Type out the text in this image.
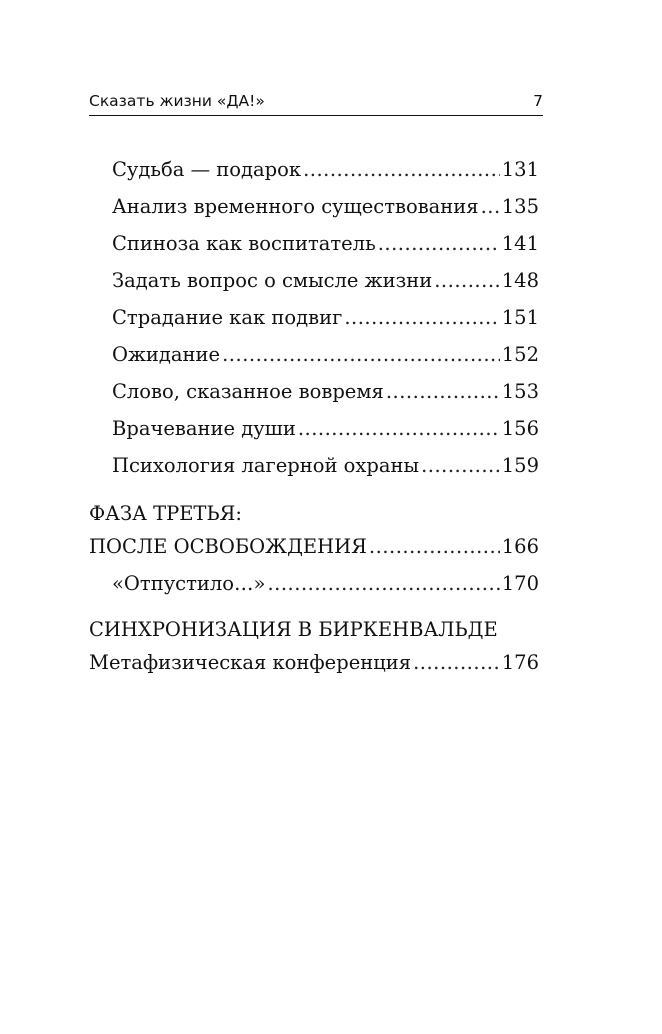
Сказать жизни «ДА!»	7
Судьба — подарок .....	131
Анализ временного существования ..... 135
Спиноза как воспитатель .....	141
Задать вопрос о смысле жизни .....	148
Страдание как подвиг .....	151
Ожидание .....	152
Слово, сказанное вовремя .....	153
Врачевание души .....	156
Психология лагерной охраны .....	159
ФАЗА ТРЕТЬЯ:
ПОСЛЕ ОСВОБОЖДЕНИЯ .....	166
«Отпустило…» .....	170
СИНХРОНИЗАЦИЯ В БИРКЕНВАЛЬДЕ
Метафизическая конференция .....	176
